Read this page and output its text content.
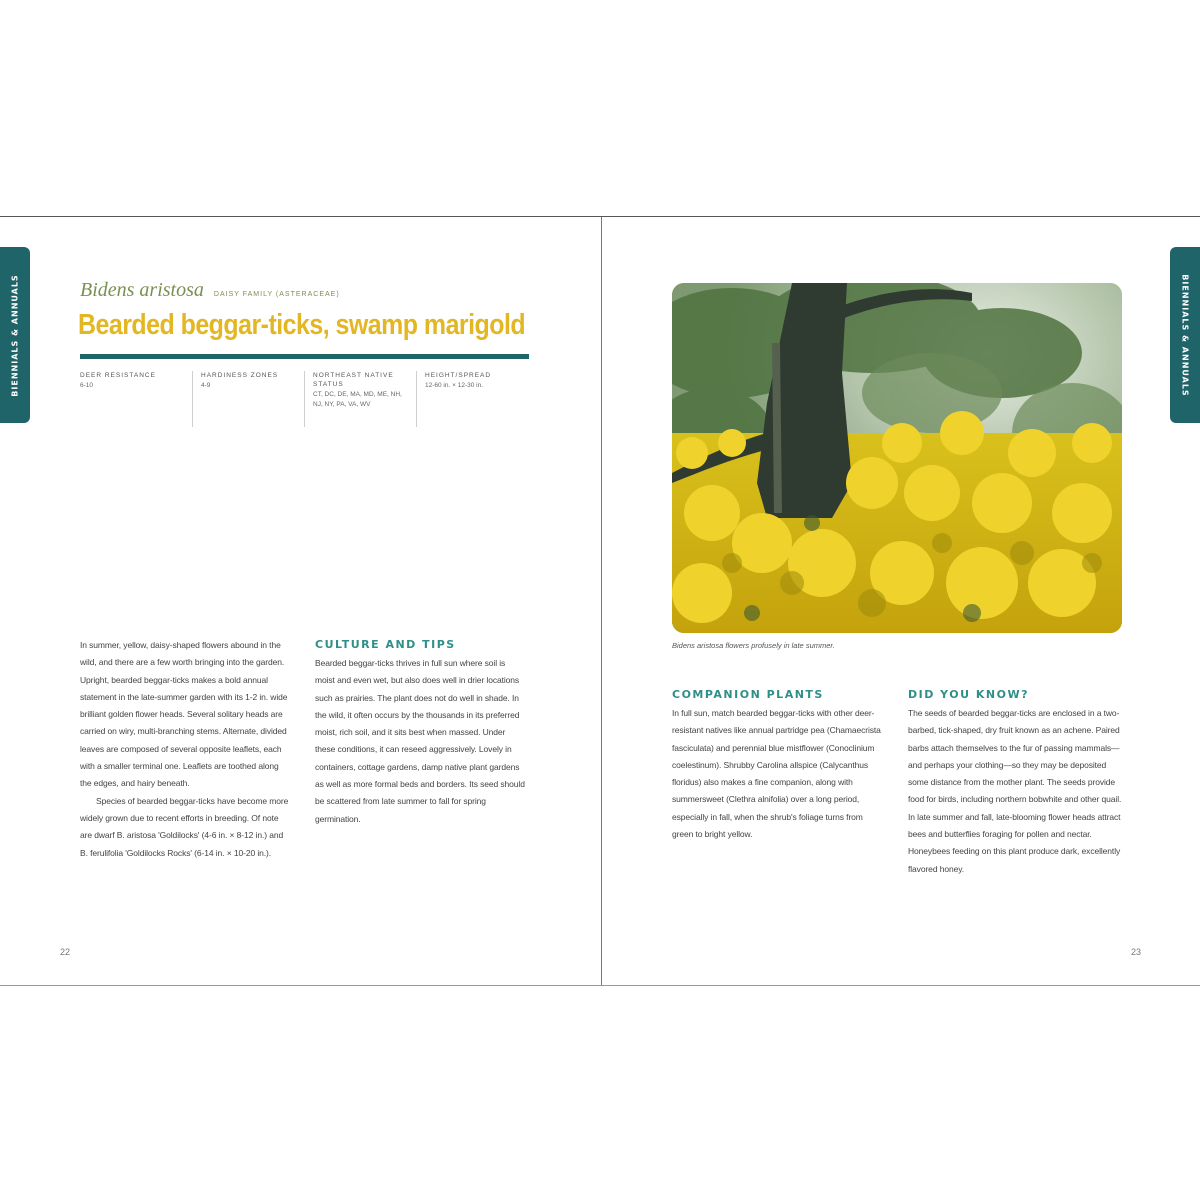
BIENNIALS & ANNUALS	Bidens aristosa DAISY FAMILY (ASTERACEAE)
Bearded beggar-ticks, swamp marigold
DEER RESISTANCE
6-10
HARDINESS ZONES
4-9
NORTHEAST NATIVE STATUS
CT, DC, DE, MA, MD, ME, NH, NJ, NY, PA, VA, WV
HEIGHT/SPREAD
12-60 in. × 12-30 in.

In summer, yellow, daisy-shaped flowers abound in the wild, and there are a few worth bringing into the garden. Upright, bearded beggar-ticks makes a bold annual statement in the late-summer garden with its 1-2 in. wide brilliant golden flower heads. Several solitary heads are carried on wiry, multi-branching stems. Alternate, divided leaves are composed of several opposite leaflets, each with a smaller terminal one. Leaflets are toothed along the edges, and hairy beneath.

Species of bearded beggar-ticks have become more widely grown due to recent efforts in breeding. Of note are dwarf B. aristosa 'Goldilocks' (4-6 in. × 8-12 in.) and B. ferulifolia 'Goldilocks Rocks' (6-14 in. × 10-20 in.).

CULTURE AND TIPS

Bearded beggar-ticks thrives in full sun where soil is moist and even wet, but also does well in drier locations such as prairies. The plant does not do well in shade. In the wild, it often occurs by the thousands in its preferred moist, rich soil, and it sits best when massed. Under these conditions, it can reseed aggressively. Lovely in containers, cottage gardens, damp native plant gardens as well as more formal beds and borders. Its seed should be scattered from late summer to fall for spring germination.

22
BIENNIALS & ANNUALS
Bidens aristosa flowers profusely in late summer.
COMPANION PLANTS

In full sun, match bearded beggar-ticks with other deer-resistant natives like annual partridge pea (Chamaecrista fasciculata) and perennial blue mistflower (Conoclinium coelestinum). Shrubby Carolina allspice (Calycanthus floridus) also makes a fine companion, along with summersweet (Clethra alnifolia) over a long period, especially in fall, when the shrub's foliage turns from green to bright yellow.

DID YOU KNOW?

The seeds of bearded beggar-ticks are enclosed in a two-barbed, tick-shaped, dry fruit known as an achene. Paired barbs attach themselves to the fur of passing mammals—and perhaps your clothing—so they may be deposited some distance from the mother plant. The seeds provide food for birds, including northern bobwhite and other quail. In late summer and fall, late-blooming flower heads attract bees and butterflies foraging for pollen and nectar. Honeybees feeding on this plant produce dark, excellently flavored honey.

23
